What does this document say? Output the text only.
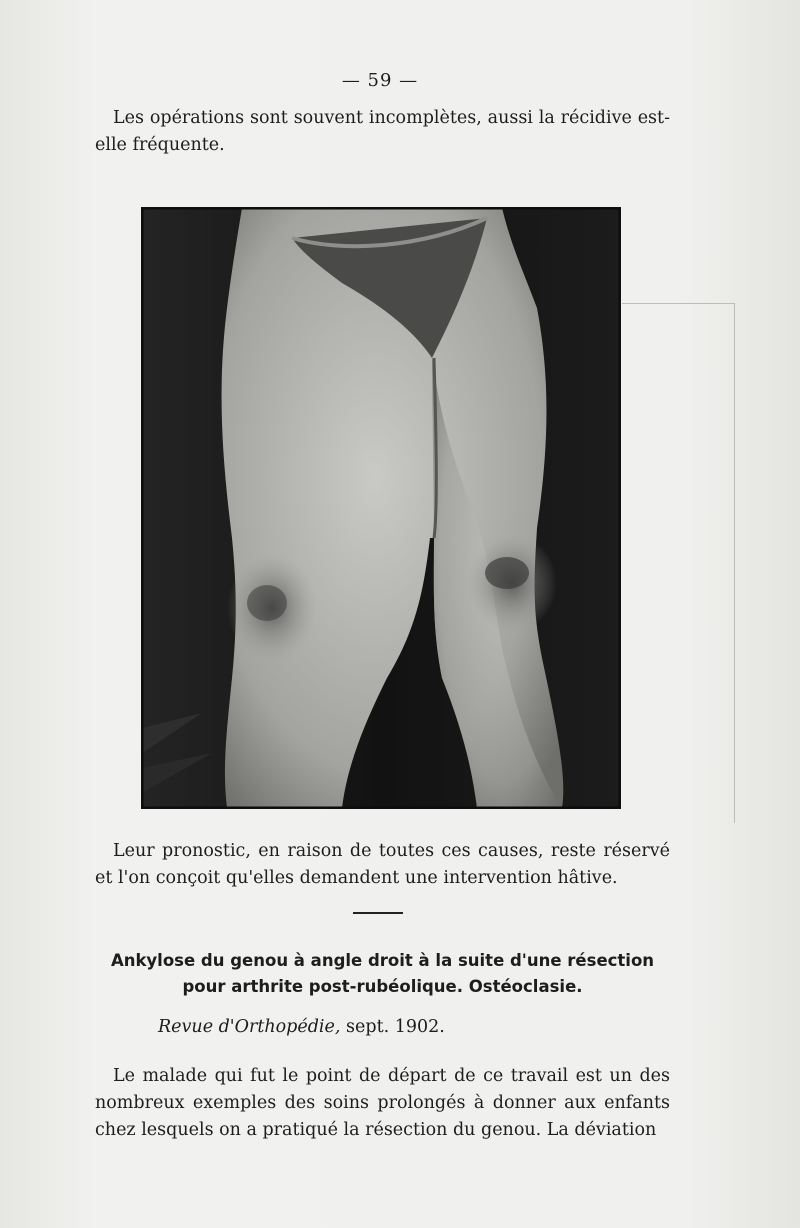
— 59 —

Les opérations sont souvent incomplètes, aussi la récidive est-elle fréquente.

Leur pronostic, en raison de toutes ces causes, reste réservé et l'on conçoit qu'elles demandent une intervention hâtive.

Ankylose du genou à angle droit à la suite d'une résection pour arthrite post-rubéolique. Ostéoclasie.
Revue d'Orthopédie, sept. 1902.

Le malade qui fut le point de départ de ce travail est un des nombreux exemples des soins prolongés à donner aux enfants chez lesquels on a pratiqué la résection du genou. La déviation
